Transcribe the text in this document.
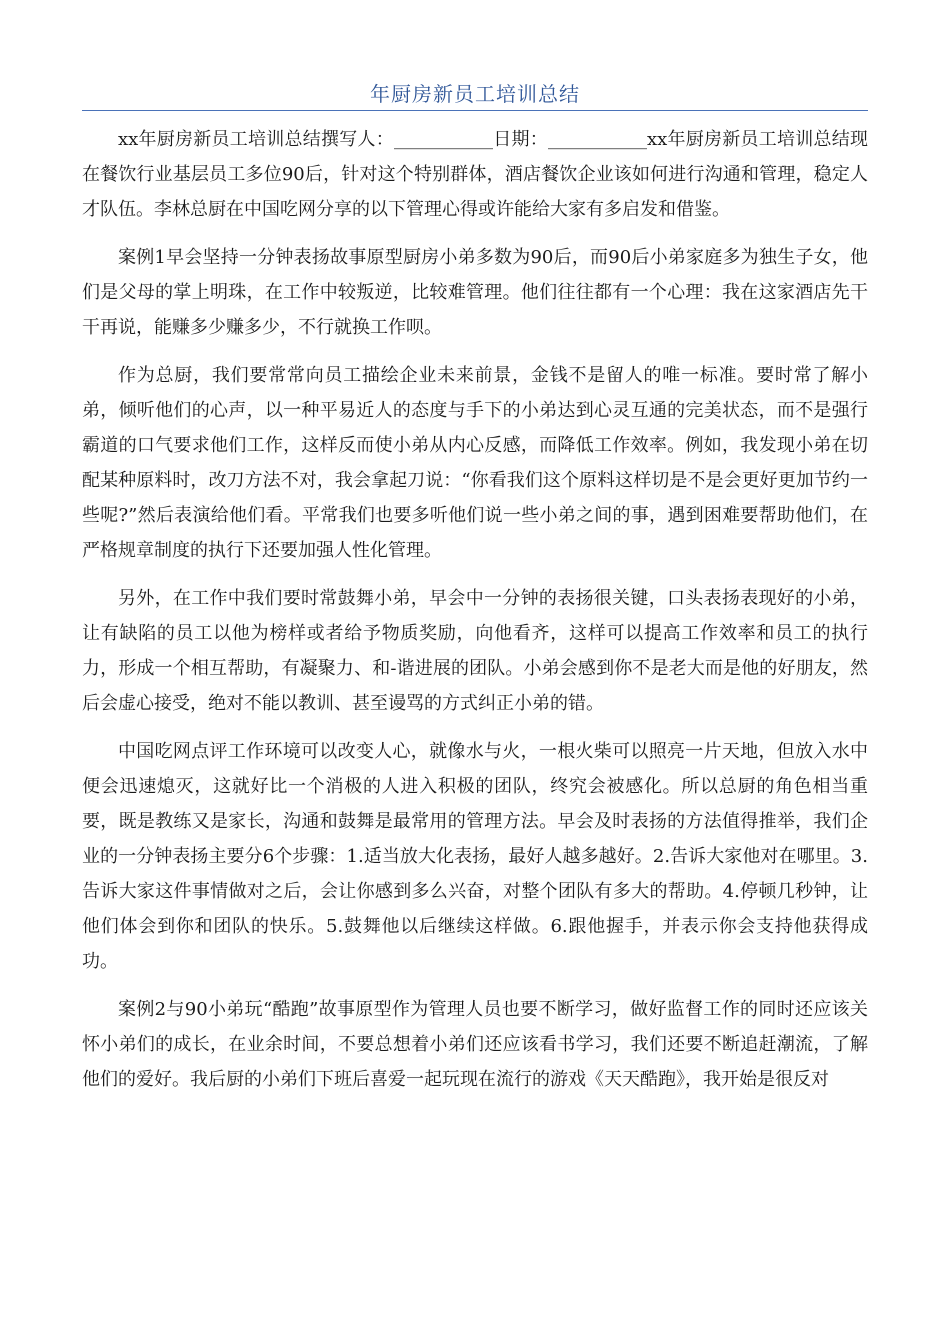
年厨房新员工培训总结

xx年厨房新员工培训总结撰写人：___________日期：___________xx年厨房新员工培训总结现在餐饮行业基层员工多位90后，针对这个特别群体，酒店餐饮企业该如何进行沟通和管理，稳定人才队伍。李林总厨在中国吃网分享的以下管理心得或许能给大家有多启发和借鉴。

案例1早会坚持一分钟表扬故事原型厨房小弟多数为90后，而90后小弟家庭多为独生子女，他们是父母的掌上明珠，在工作中较叛逆，比较难管理。他们往往都有一个心理：我在这家酒店先干干再说，能赚多少赚多少，不行就换工作呗。

作为总厨，我们要常常向员工描绘企业未来前景，金钱不是留人的唯一标准。要时常了解小弟，倾听他们的心声，以一种平易近人的态度与手下的小弟达到心灵互通的完美状态，而不是强行霸道的口气要求他们工作，这样反而使小弟从内心反感，而降低工作效率。例如，我发现小弟在切配某种原料时，改刀方法不对，我会拿起刀说：“你看我们这个原料这样切是不是会更好更加节约一些呢?”然后表演给他们看。平常我们也要多听他们说一些小弟之间的事，遇到困难要帮助他们，在严格规章制度的执行下还要加强人性化管理。

另外，在工作中我们要时常鼓舞小弟，早会中一分钟的表扬很关键，口头表扬表现好的小弟，让有缺陷的员工以他为榜样或者给予物质奖励，向他看齐，这样可以提高工作效率和员工的执行力，形成一个相互帮助，有凝聚力、和-谐进展的团队。小弟会感到你不是老大而是他的好朋友，然后会虚心接受，绝对不能以教训、甚至谩骂的方式纠正小弟的错。

中国吃网点评工作环境可以改变人心，就像水与火，一根火柴可以照亮一片天地，但放入水中便会迅速熄灭，这就好比一个消极的人进入积极的团队，终究会被感化。所以总厨的角色相当重要，既是教练又是家长，沟通和鼓舞是最常用的管理方法。早会及时表扬的方法值得推举，我们企业的一分钟表扬主要分6个步骤：1.适当放大化表扬，最好人越多越好。2.告诉大家他对在哪里。3.告诉大家这件事情做对之后，会让你感到多么兴奋，对整个团队有多大的帮助。4.停顿几秒钟，让他们体会到你和团队的快乐。5.鼓舞他以后继续这样做。6.跟他握手，并表示你会支持他获得成功。

案例2与90小弟玩“酷跑”故事原型作为管理人员也要不断学习，做好监督工作的同时还应该关怀小弟们的成长，在业余时间，不要总想着小弟们还应该看书学习，我们还要不断追赶潮流，了解他们的爱好。我后厨的小弟们下班后喜爱一起玩现在流行的游戏《天天酷跑》，我开始是很反对
